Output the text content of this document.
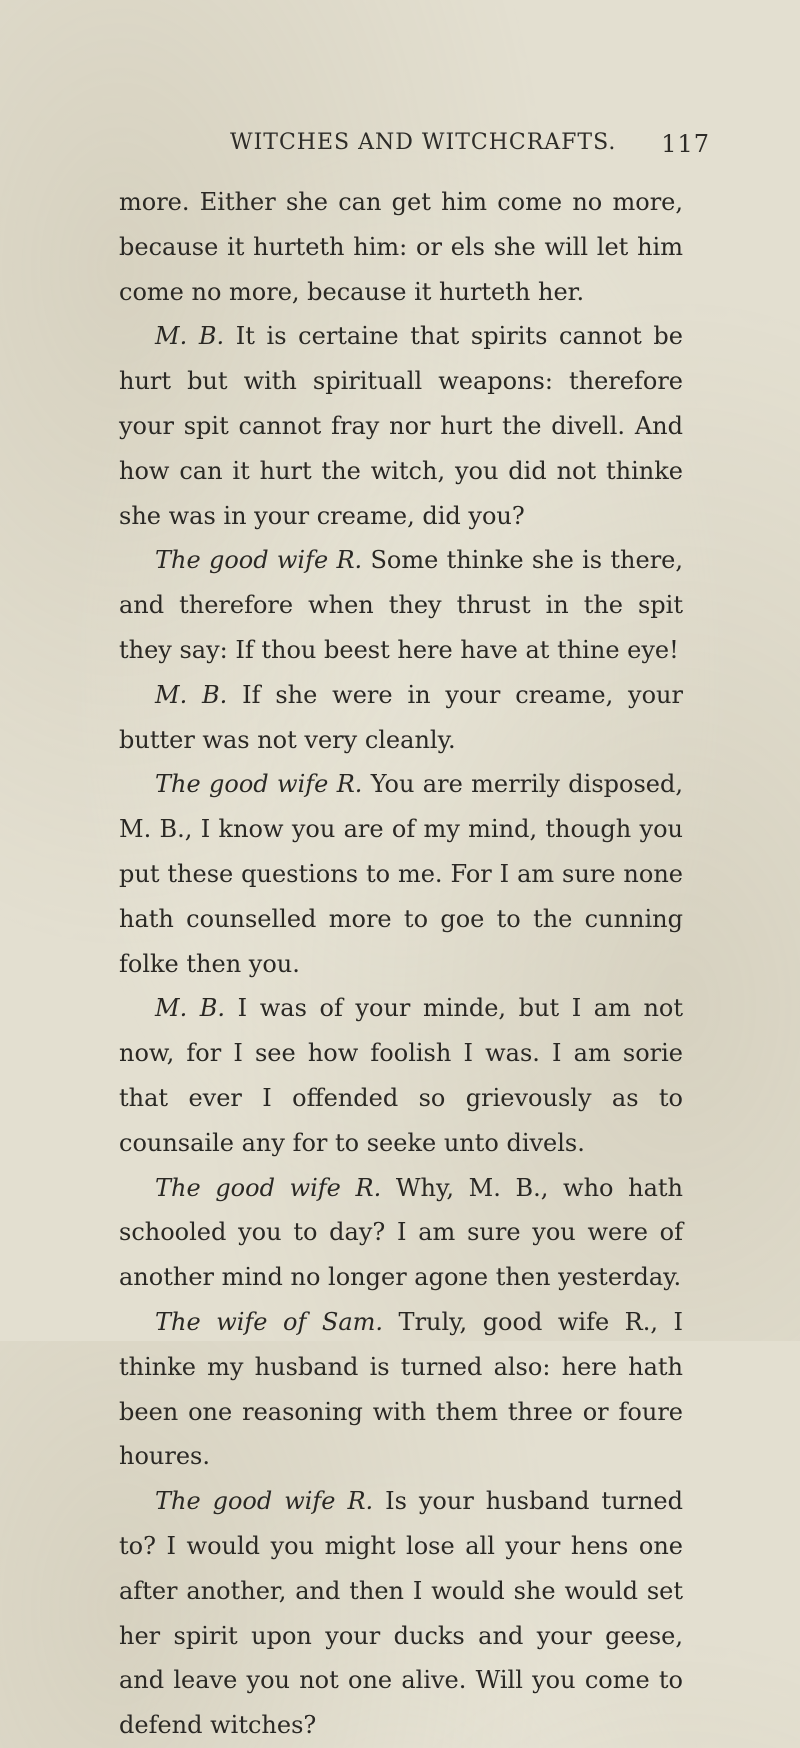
WITCHES AND WITCHCRAFTS. 117

more. Either she can get him come no more, because it hurteth him: or els she will let him come no more, because it hurteth her.

M. B. It is certaine that spirits cannot be hurt but with spirituall weapons: therefore your spit cannot fray nor hurt the divell. And how can it hurt the witch, you did not thinke she was in your creame, did you?

The good wife R. Some thinke she is there, and therefore when they thrust in the spit they say: If thou beest here have at thine eye!

M. B. If she were in your creame, your butter was not very cleanly.

The good wife R. You are merrily disposed, M. B., I know you are of my mind, though you put these questions to me. For I am sure none hath counselled more to goe to the cunning folke then you.

M. B. I was of your minde, but I am not now, for I see how foolish I was. I am sorie that ever I offended so grievously as to counsaile any for to seeke unto divels.

The good wife R. Why, M. B., who hath schooled you to day? I am sure you were of another mind no longer agone then yesterday.

The wife of Sam. Truly, good wife R., I thinke my husband is turned also: here hath been one reasoning with them three or foure houres.

The good wife R. Is your husband turned to? I would you might lose all your hens one after another, and then I would she would set her spirit upon your ducks and your geese, and leave you not one alive. Will you come to defend witches?
